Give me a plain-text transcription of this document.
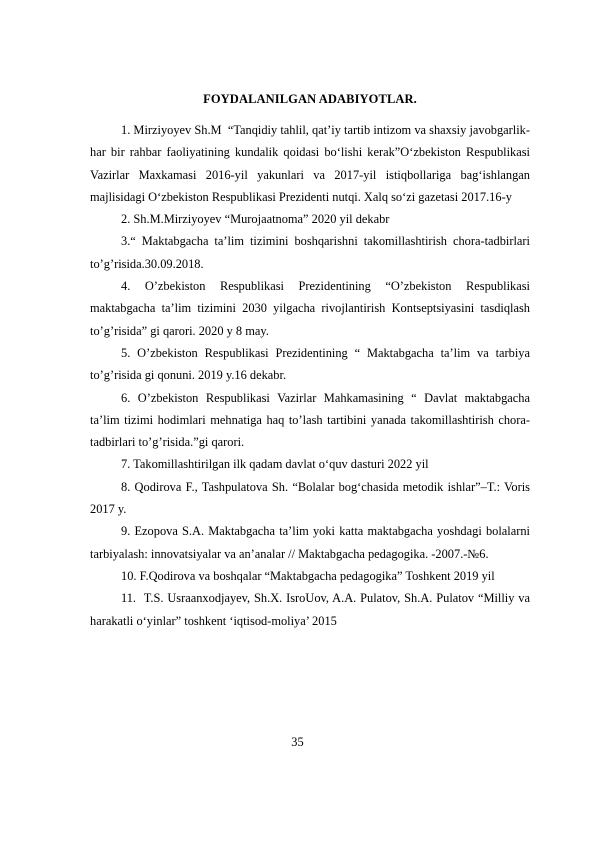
FOYDALANILGAN ADABIYOTLAR.

1. Mirziyoyev Sh.M  “Tanqidiy tahlil, qat’iy tartib intizom va shaxsiy javobgarlik-har bir rahbar faoliyatining kundalik qoidasi bo‘lishi kerak”O‘zbekiston Respublikasi Vazirlar Maxkamasi 2016-yil yakunlari va 2017-yil istiqbollariga bag‘ishlangan majlisidagi O‘zbekiston Respublikasi Prezidenti nutqi. Xalq so‘zi gazetasi 2017.16-y

2. Sh.M.Mirziyoyev “Murojaatnoma” 2020 yil dekabr

3.“ Maktabgacha ta’lim tizimini boshqarishni takomillashtirish chora-tadbirlari to’g’risida.30.09.2018.

4. O’zbekiston Respublikasi Prezidentining “O’zbekiston Respublikasi maktabgacha ta’lim tizimini 2030 yilgacha rivojlantirish Kontseptsiyasini tasdiqlash to’g’risida” gi qarori. 2020 y 8 may.

5. O’zbekiston Respublikasi Prezidentining “ Maktabgacha ta’lim va tarbiya to’g’risida gi qonuni. 2019 y.16 dekabr.

6. O’zbekiston Respublikasi Vazirlar Mahkamasining “ Davlat maktabgacha ta’lim tizimi hodimlari mehnatiga haq to’lash tartibini yanada takomillashtirish chora-tadbirlari to’g’risida.”gi qarori.

7. Takomillashtirilgan ilk qadam davlat o‘quv dasturi 2022 yil

8. Qodirova F., Tashpulatova Sh. “Bolalar bog‘chasida metodik ishlar”–T.: Voris 2017 y.

9. Ezopova S.A. Maktabgacha ta’lim yoki katta maktabgacha yoshdagi bolalarni tarbiyalash: innovatsiyalar va an’analar // Maktabgacha pedagogika. -2007.-№6.

10. F.Qodirova va boshqalar “Maktabgacha pedagogika” Toshkent 2019 yil

11.  T.S. Usraanxodjayev, Sh.X. IsroUov, A.A. Pulatov, Sh.A. Pulatov “Milliy va harakatli o‘yinlar” toshkent ‘iqtisod-moliya’ 2015

35
